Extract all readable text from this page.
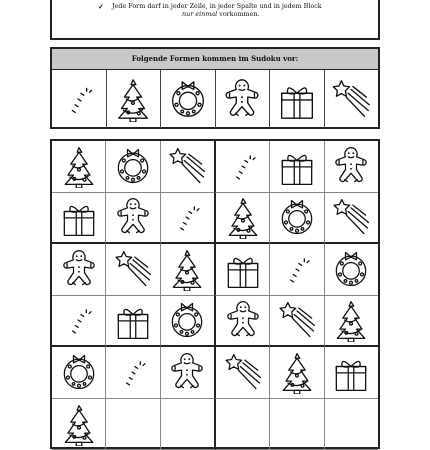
✓ Jede Form darf in jeder Zeile, in jeder Spalte und in jedem Block
nur einmal vorkommen.
Folgende Formen kommen im Sudoku vor:
